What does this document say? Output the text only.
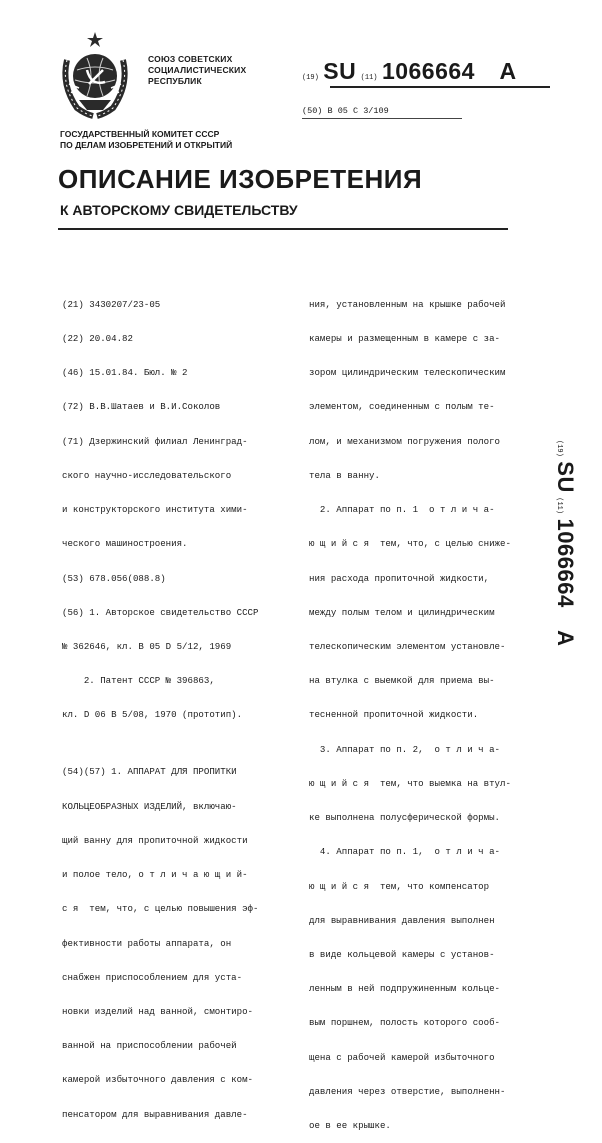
СОЮЗ СОВЕТСКИХ
СОЦИАЛИСТИЧЕСКИХ
РЕСПУБЛИК	(19) SU (11) 1066664 A
(50) В 05 С 3/109
ГОСУДАРСТВЕННЫЙ КОМИТЕТ СССР
ПО ДЕЛАМ ИЗОБРЕТЕНИЙ И ОТКРЫТИЙ
ОПИСАНИЕ ИЗОБРЕТЕНИЯ
К АВТОРСКОМУ СВИДЕТЕЛЬСТВУ

(21) 3430207/23-05

(22) 20.04.82

(46) 15.01.84. Бюл. № 2

(72) В.В.Шатаев и В.И.Соколов

(71) Дзержинский филиал Ленинград-

ского научно-исследовательского

и конструкторского института хими-

ческого машиностроения.

(53) 678.056(088.8)

(56) 1. Авторское свидетельство СССР

№ 362646, кл. В 05 D 5/12, 1969

2. Патент СССР № 396863,

кл. D 06 В 5/08, 1970 (прототип).

(54)(57) 1. АППАРАТ ДЛЯ ПРОПИТКИ

КОЛЬЦЕОБРАЗНЫХ ИЗДЕЛИЙ, включаю-

щий ванну для пропиточной жидкости

и полое тело, о т л и ч а ю щ и й-

с я  тем, что, с целью повышения эф-

фективности работы аппарата, он

снабжен приспособлением для уста-

новки изделий над ванной, смонтиро-

ванной на приспособлении рабочей

камерой избыточного давления с ком-

пенсатором для выравнивания давле-

ния, установленным на крышке рабочей

камеры и размещенным в камере с за-

зором цилиндрическим телескопическим

элементом, соединенным с полым те-

лом, и механизмом погружения полого

тела в ванну.

2. Аппарат по п. 1  о т л и ч а-

ю щ и й с я  тем, что, с целью сниже-

ния расхода пропиточной жидкости,

между полым телом и цилиндрическим

телескопическим элементом установле-

на втулка с выемкой для приема вы-

тесненной пропиточной жидкости.

3. Аппарат по п. 2,  о т л и ч а-

ю щ и й с я  тем, что выемка на втул-

ке выполнена полусферической формы.

4. Аппарат по п. 1,  о т л и ч а-

ю щ и й с я  тем, что компенсатор

для выравнивания давления выполнен

в виде кольцевой камеры с установ-

ленным в ней подпружиненным кольце-

вым поршнем, полость которого сооб-

щена с рабочей камерой избыточного

давления через отверстие, выполненн-

ое в ее крышке.

(19) SU (11) 1066664 A
